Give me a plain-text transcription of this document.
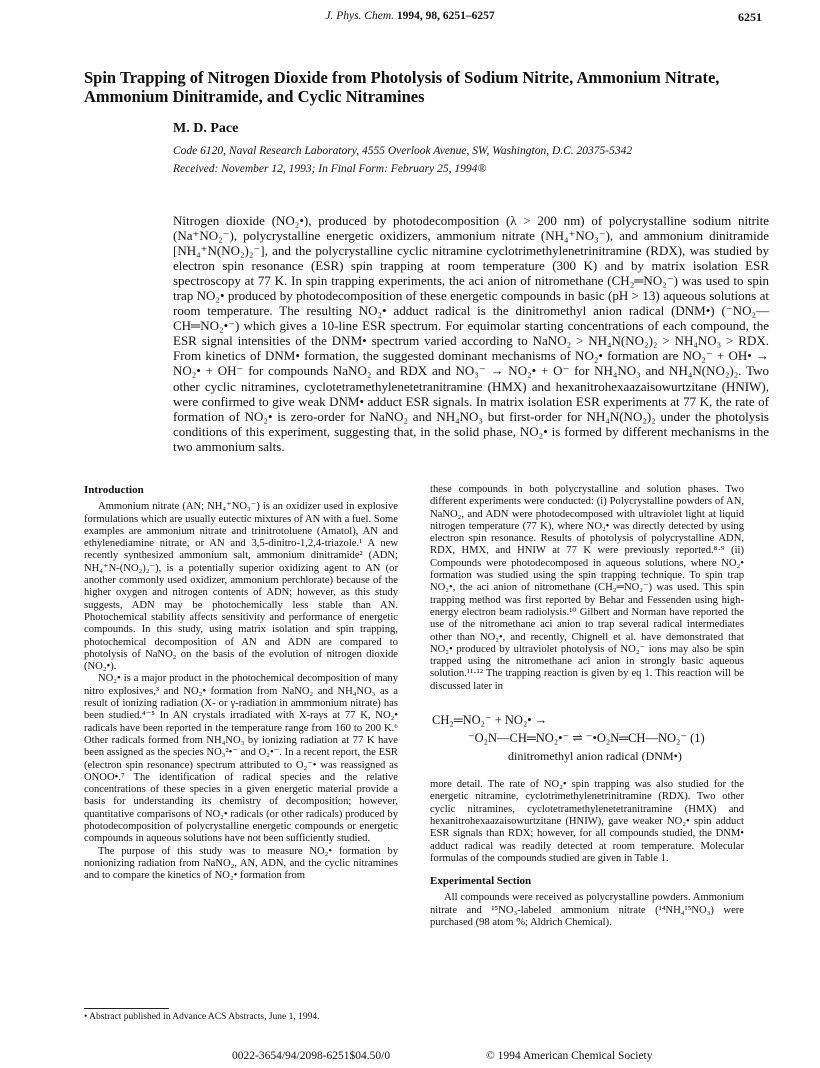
J. Phys. Chem. 1994, 98, 6251–6257	6251
Spin Trapping of Nitrogen Dioxide from Photolysis of Sodium Nitrite, Ammonium Nitrate, Ammonium Dinitramide, and Cyclic Nitramines
M. D. Pace
Code 6120, Naval Research Laboratory, 4555 Overlook Avenue, SW, Washington, D.C. 20375-5342
Received: November 12, 1993; In Final Form: February 25, 1994®
Nitrogen dioxide (NO₂•), produced by photodecomposition (λ > 200 nm) of polycrystalline sodium nitrite (Na⁺NO₂⁻), polycrystalline energetic oxidizers, ammonium nitrate (NH₄⁺NO₃⁻), and ammonium dinitramide [NH₄⁺N(NO₂)₂⁻], and the polycrystalline cyclic nitramine cyclotrimethylenetrinitramine (RDX), was studied by electron spin resonance (ESR) spin trapping at room temperature (300 K) and by matrix isolation ESR spectroscopy at 77 K. In spin trapping experiments, the aci anion of nitromethane (CH₂═NO₂⁻) was used to spin trap NO₂• produced by photodecomposition of these energetic compounds in basic (pH > 13) aqueous solutions at room temperature. The resulting NO₂• adduct radical is the dinitromethyl anion radical (DNM•) (⁻NO₂—CH═NO₂•⁻) which gives a 10-line ESR spectrum. For equimolar starting concentrations of each compound, the ESR signal intensities of the DNM• spectrum varied according to NaNO₂ > NH₄N(NO₂)₂ > NH₄NO₃ > RDX. From kinetics of DNM• formation, the suggested dominant mechanisms of NO₂• formation are NO₂⁻ + OH• → NO₂• + OH⁻ for compounds NaNO₂ and RDX and NO₃⁻ → NO₂• + O⁻ for NH₄NO₃ and NH₄N(NO₂)₂. Two other cyclic nitramines, cyclotetramethylenetetranitramine (HMX) and hexanitrohexaazaisowurtzitane (HNIW), were confirmed to give weak DNM• adduct ESR signals. In matrix isolation ESR experiments at 77 K, the rate of formation of NO₂• is zero-order for NaNO₂ and NH₄NO₃ but first-order for NH₄N(NO₂)₂ under the photolysis conditions of this experiment, suggesting that, in the solid phase, NO₂• is formed by different mechanisms in the two ammonium salts.
Introduction

Ammonium nitrate (AN; NH₄⁺NO₃⁻) is an oxidizer used in explosive formulations which are usually eutectic mixtures of AN with a fuel. Some examples are ammonium nitrate and trinitrotoluene (Amatol), AN and ethylenediamine nitrate, or AN and 3,5-dinitro-1,2,4-triazole.¹ A new recently synthesized ammonium salt, ammonium dinitramide² (ADN; NH₄⁺N-(NO₂)₂⁻), is a potentially superior oxidizing agent to AN (or another commonly used oxidizer, ammonium perchlorate) because of the higher oxygen and nitrogen contents of ADN; however, as this study suggests, ADN may be photochemically less stable than AN. Photochemical stability affects sensitivity and performance of energetic compounds. In this study, using matrix isolation and spin trapping, photochemical decomposition of AN and ADN are compared to photolysis of NaNO₂ on the basis of the evolution of nitrogen dioxide (NO₂•).

NO₂• is a major product in the photochemical decomposition of many nitro explosives,³ and NO₂• formation from NaNO₂ and NH₄NO₃ as a result of ionizing radiation (X- or γ-radiation in ammmonium nitrate) has been studied.⁴⁻⁵ In AN crystals irradiated with X-rays at 77 K, NO₂• radicals have been reported in the temperature range from 160 to 200 K.⁶ Other radicals formed from NH₄NO₃ by ionizing radiation at 77 K have been assigned as the species NO₃²•⁻ and O₂•⁻. In a recent report, the ESR (electron spin resonance) spectrum attributed to O₂⁻• was reassigned as ONOO•.⁷ The identification of radical species and the relative concentrations of these species in a given energetic material provide a basis for understanding its chemistry of decomposition; however, quantitative comparisons of NO₂• radicals (or other radicals) produced by photodecomposition of polycrystalline energetic compounds or energetic compounds in aqueous solutions have not been sufficiently studied.

The purpose of this study was to measure NO₂• formation by nonionizing radiation from NaNO₂, AN, ADN, and the cyclic nitramines and to compare the kinetics of NO₂• formation from

these compounds in both polycrystalline and solution phases. Two different experiments were conducted: (i) Polycrystalline powders of AN, NaNO₂, and ADN were photodecomposed with ultraviolet light at liquid nitrogen temperature (77 K), where NO₂• was directly detected by using electron spin resonance. Results of photolysis of polycrystalline ADN, RDX, HMX, and HNIW at 77 K were previously reported.⁸·⁹ (ii) Compounds were photodecomposed in aqueous solutions, where NO₂• formation was studied using the spin trapping technique. To spin trap NO₂•, the aci anion of nitromethane (CH₂═NO₂⁻) was used. This spin trapping method was first reported by Behar and Fessenden using high-energy electron beam radiolysis.¹⁰ Gilbert and Norman have reported the use of the nitromethane aci anion to trap several radical intermediates other than NO₂•, and recently, Chignell et al. have demonstrated that NO₂• produced by ultraviolet photolysis of NO₂⁻ ions may also be spin trapped using the nitromethane aci anion in strongly basic aqueous solution.¹¹·¹² The trapping reaction is given by eq 1. This reaction will be discussed later in

CH₂═NO₂⁻ + NO₂• →
⁻O₂N—CH═NO₂•⁻ ⇌ ⁻•O₂N═CH—NO₂⁻ (1)
dinitromethyl anion radical (DNM•)

more detail. The rate of NO₂• spin trapping was also studied for the energetic nitramine, cyclotrimethylenetrinitramine (RDX). Two other cyclic nitramines, cyclotetramethylenetetranitramine (HMX) and hexanitrohexaazaisowurtzitane (HNIW), gave weaker NO₂• spin adduct ESR signals than RDX; however, for all compounds studied, the DNM• adduct radical was readily detected at room temperature. Molecular formulas of the compounds studied are given in Table 1.

Experimental Section

All compounds were received as polycrystalline powders. Ammonium nitrate and ¹⁵NO₃-labeled ammonium nitrate (¹⁴NH₄¹⁵NO₃) were purchased (98 atom %; Aldrich Chemical).

• Abstract published in Advance ACS Abstracts, June 1, 1994.
0022-3654/94/2098-6251$04.50/0	© 1994 American Chemical Society
